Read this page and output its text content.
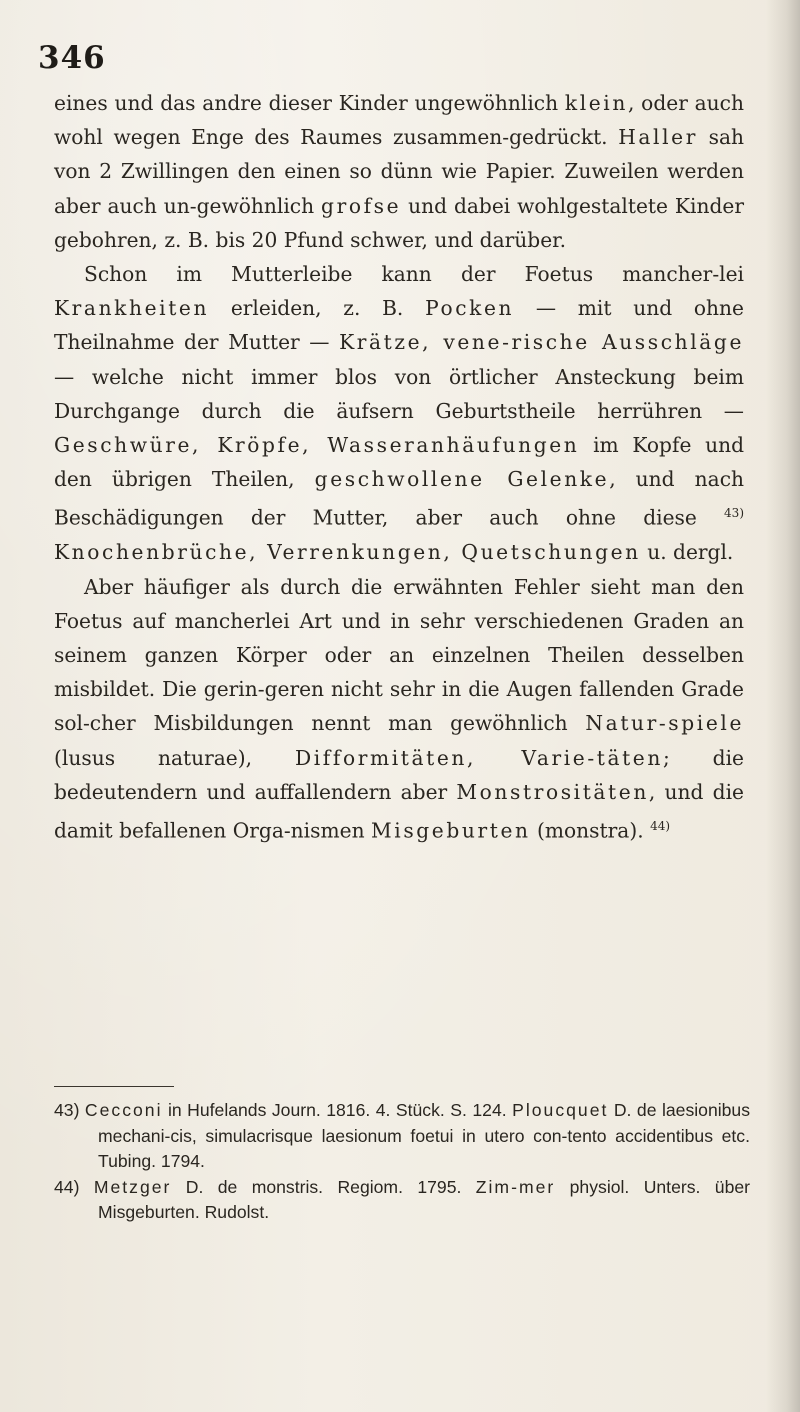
346

eines und das andre dieser Kinder ungewöhnlich klein, oder auch wohl wegen Enge des Raumes zusammen-gedrückt. Haller sah von 2 Zwillingen den einen so dünn wie Papier. Zuweilen werden aber auch un-gewöhnlich grofse und dabei wohlgestaltete Kinder gebohren, z. B. bis 20 Pfund schwer, und darüber.

Schon im Mutterleibe kann der Foetus mancher-lei Krankheiten erleiden, z. B. Pocken — mit und ohne Theilnahme der Mutter — Krätze, vene-rische Ausschläge — welche nicht immer blos von örtlicher Ansteckung beim Durchgange durch die äufsern Geburtstheile herrühren — Geschwüre, Kröpfe, Wasseranhäufungen im Kopfe und den übrigen Theilen, geschwollene Gelenke, und nach Beschädigungen der Mutter, aber auch ohne diese $^{43)}$ Knochenbrüche, Verrenkungen, Quetschungen u. dergl.

Aber häufiger als durch die erwähnten Fehler sieht man den Foetus auf mancherlei Art und in sehr verschiedenen Graden an seinem ganzen Körper oder an einzelnen Theilen desselben misbildet. Die gerin-geren nicht sehr in die Augen fallenden Grade sol-cher Misbildungen nennt man gewöhnlich Natur-spiele (lusus naturae), Difformitäten, Varie-täten; die bedeutendern und auffallendern aber Monstrositäten, und die damit befallenen Orga-nismen Misgeburten (monstra). $^{44)}$

43) Cecconi in Hufelands Journ. 1816. 4. Stück. S. 124. Ploucquet D. de laesionibus mechani-cis, simulacrisque laesionum foetui in utero con-tento accidentibus etc. Tubing. 1794.

44) Metzger D. de monstris. Regiom. 1795. Zim-mer physiol. Unters. über Misgeburten. Rudolst.
